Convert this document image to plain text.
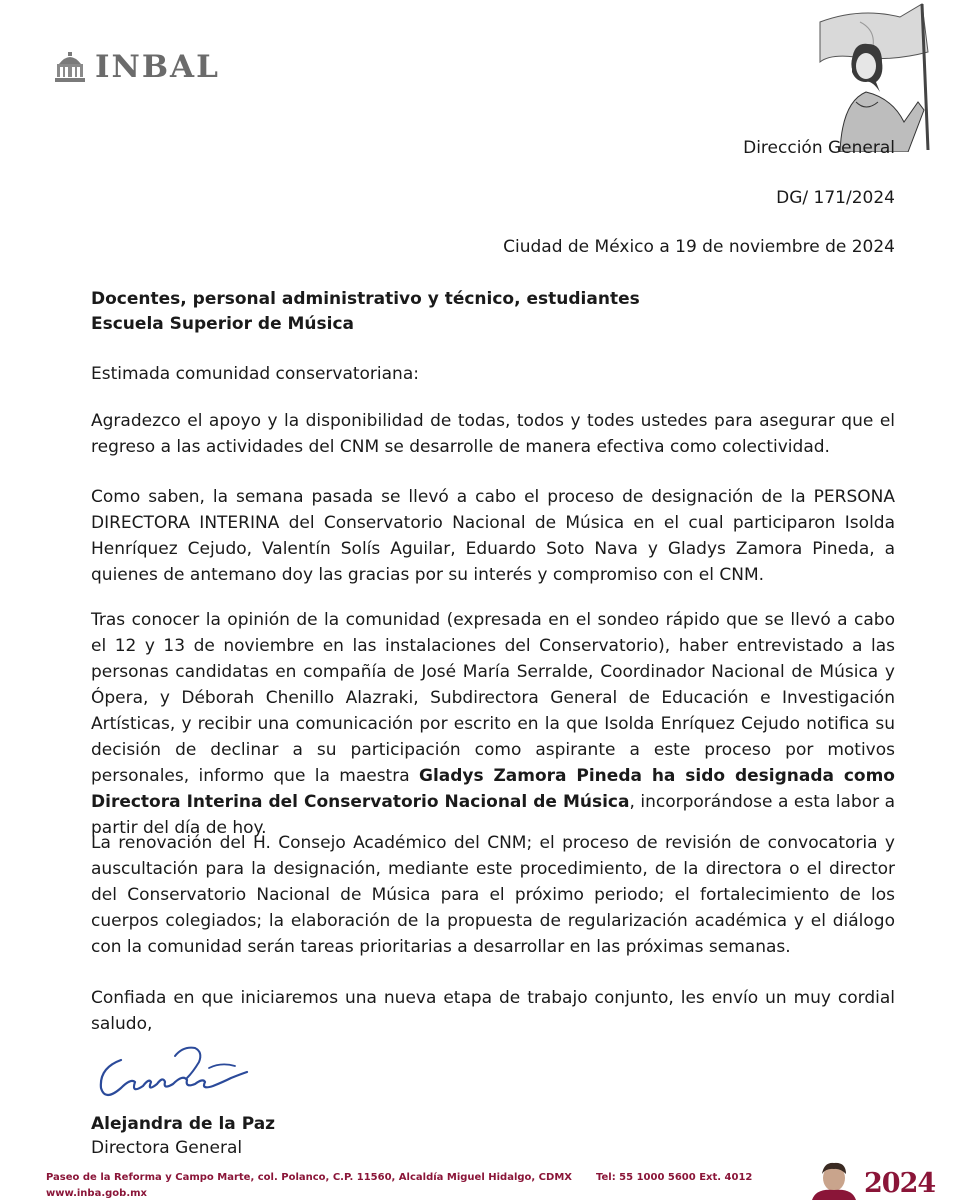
INBAL
Dirección General
DG/ 171/2024
Ciudad de México a 19 de noviembre de 2024
Docentes, personal administrativo y técnico, estudiantes
Escuela Superior de Música

Estimada comunidad conservatoriana:

Agradezco el apoyo y la disponibilidad de todas, todos y todes ustedes para asegurar que el regreso a las actividades del CNM se desarrolle de manera efectiva como colectividad.

Como saben, la semana pasada se llevó a cabo el proceso de designación de la PERSONA DIRECTORA INTERINA del Conservatorio Nacional de Música en el cual participaron Isolda Henríquez Cejudo, Valentín Solís Aguilar, Eduardo Soto Nava y Gladys Zamora Pineda, a quienes de antemano doy las gracias por su interés y compromiso con el CNM.

Tras conocer la opinión de la comunidad (expresada en el sondeo rápido que se llevó a cabo el 12 y 13 de noviembre en las instalaciones del Conservatorio), haber entrevistado a las personas candidatas en compañía de José María Serralde, Coordinador Nacional de Música y Ópera, y Déborah Chenillo Alazraki, Subdirectora General de Educación e Investigación Artísticas, y recibir una comunicación por escrito en la que Isolda Enríquez Cejudo notifica su decisión de declinar a su participación como aspirante a este proceso por motivos personales, informo que la maestra Gladys Zamora Pineda ha sido designada como Directora Interina del Conservatorio Nacional de Música, incorporándose a esta labor a partir del día de hoy.

La renovación del H. Consejo Académico del CNM; el proceso de revisión de convocatoria y auscultación para la designación, mediante este procedimiento, de la directora o el director del Conservatorio Nacional de Música para el próximo periodo; el fortalecimiento de los cuerpos colegiados; la elaboración de la propuesta de regularización académica y el diálogo con la comunidad serán tareas prioritarias a desarrollar en las próximas semanas.

Confiada en que iniciaremos una nueva etapa de trabajo conjunto, les envío un muy cordial saludo,

Alejandra de la Paz
Directora General
Paseo de la Reforma y Campo Marte, col. Polanco, C.P. 11560, Alcaldía Miguel Hidalgo, CDMX Tel: 55 1000 5600 Ext. 4012
www.inba.gob.mx	2024
